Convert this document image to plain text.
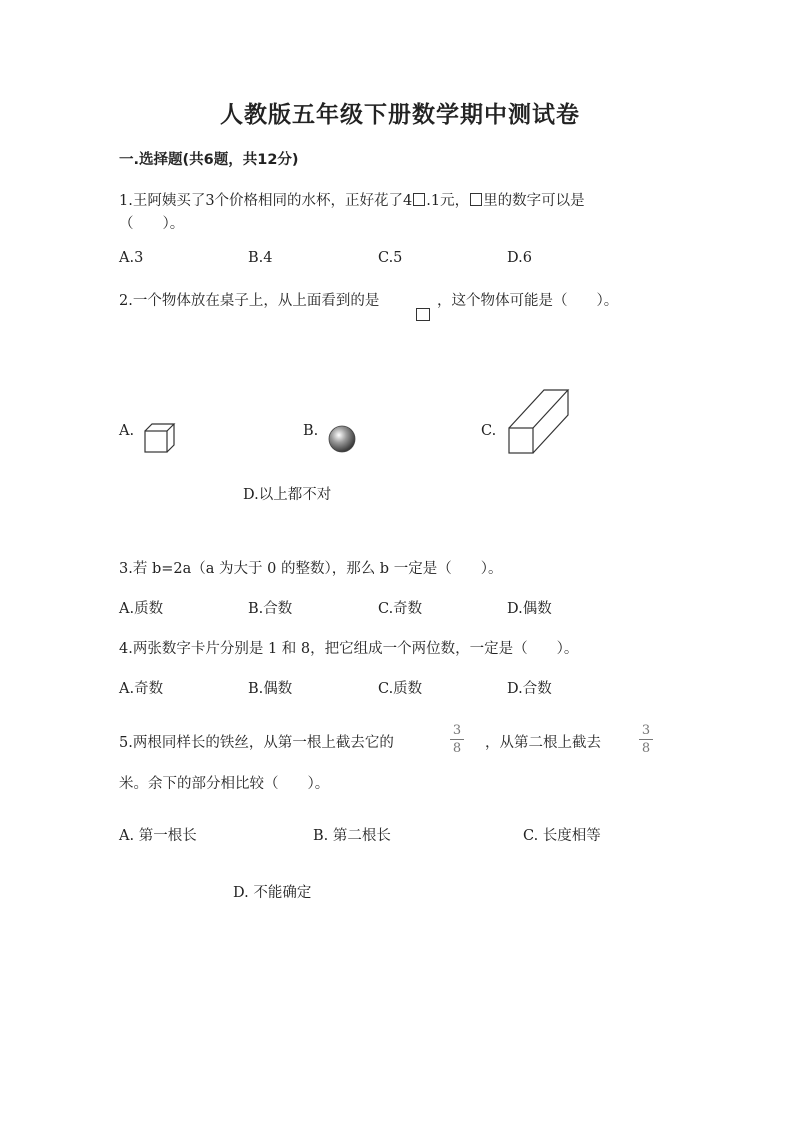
人教版五年级下册数学期中测试卷
一.选择题(共6题，共12分)
1.王阿姨买了3个价格相同的水杯，正好花了4 .1元， 里的数字可以是
（　　）。
A.3	B.4	C.5	D.6
2.一个物体放在桌子上，从上面看到的是	，这个物体可能是（　　）。
A.	B.	C.
D.以上都不对
3.若 b=2a（a 为大于 0 的整数），那么 b 一定是（　　）。
A.质数	B.合数	C.奇数	D.偶数
4.两张数字卡片分别是 1 和 8，把它组成一个两位数，一定是（　　）。
A.奇数	B.偶数	C.质数	D.合数
5.两根同样长的铁丝，从第一根上截去它的
3
8 ，从第二根上截去
3
8
米。余下的部分相比较（　　）。
A. 第一根长	B. 第二根长	C. 长度相等
D. 不能确定
